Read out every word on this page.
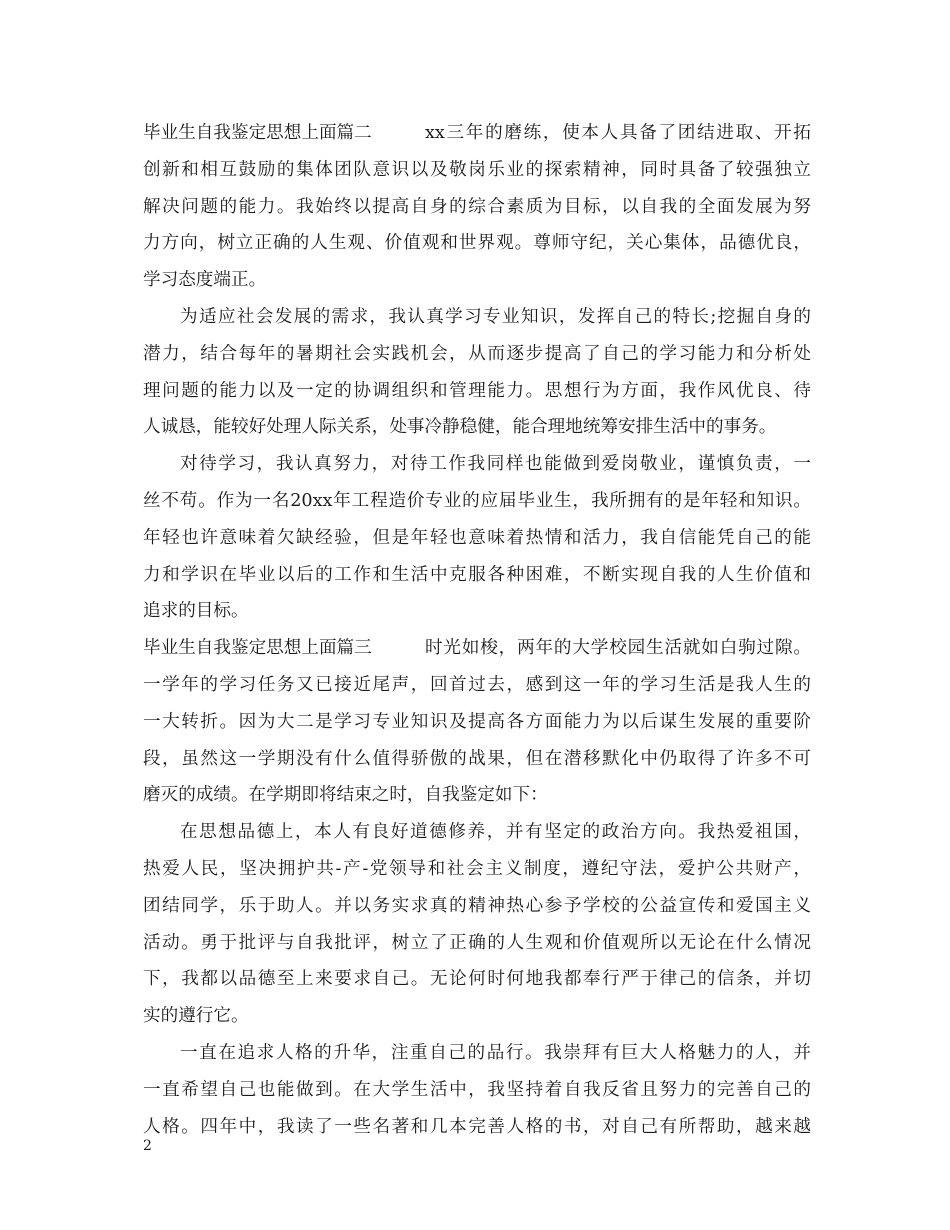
毕业生自我鉴定思想上面篇二	xx三年的磨练，使本人具备了团结进取、开拓
创新和相互鼓励的集体团队意识以及敬岗乐业的探索精神，同时具备了较强独立
解决问题的能力。我始终以提高自身的综合素质为目标，以自我的全面发展为努
力方向，树立正确的人生观、价值观和世界观。尊师守纪，关心集体，品德优良，
学习态度端正。
为适应社会发展的需求，我认真学习专业知识，发挥自己的特长;挖掘自身的
潜力，结合每年的暑期社会实践机会，从而逐步提高了自己的学习能力和分析处
理问题的能力以及一定的协调组织和管理能力。思想行为方面，我作风优良、待
人诚恳，能较好处理人际关系，处事冷静稳健，能合理地统筹安排生活中的事务。
对待学习，我认真努力，对待工作我同样也能做到爱岗敬业，谨慎负责，一
丝不苟。作为一名20xx年工程造价专业的应届毕业生，我所拥有的是年轻和知识。
年轻也许意味着欠缺经验，但是年轻也意味着热情和活力，我自信能凭自己的能
力和学识在毕业以后的工作和生活中克服各种困难，不断实现自我的人生价值和
追求的目标。
毕业生自我鉴定思想上面篇三	时光如梭，两年的大学校园生活就如白驹过隙。
一学年的学习任务又已接近尾声，回首过去，感到这一年的学习生活是我人生的
一大转折。因为大二是学习专业知识及提高各方面能力为以后谋生发展的重要阶
段，虽然这一学期没有什么值得骄傲的战果，但在潜移默化中仍取得了许多不可
磨灭的成绩。在学期即将结束之时，自我鉴定如下：
在思想品德上，本人有良好道德修养，并有坚定的政治方向。我热爱祖国，
热爱人民，坚决拥护共-产-党领导和社会主义制度，遵纪守法，爱护公共财产，
团结同学，乐于助人。并以务实求真的精神热心参予学校的公益宣传和爱国主义
活动。勇于批评与自我批评，树立了正确的人生观和价值观所以无论在什么情况
下，我都以品德至上来要求自己。无论何时何地我都奉行严于律己的信条，并切
实的遵行它。
一直在追求人格的升华，注重自己的品行。我崇拜有巨大人格魅力的人，并
一直希望自己也能做到。在大学生活中，我坚持着自我反省且努力的完善自己的
人格。四年中，我读了一些名著和几本完善人格的书，对自己有所帮助，越来越
2
